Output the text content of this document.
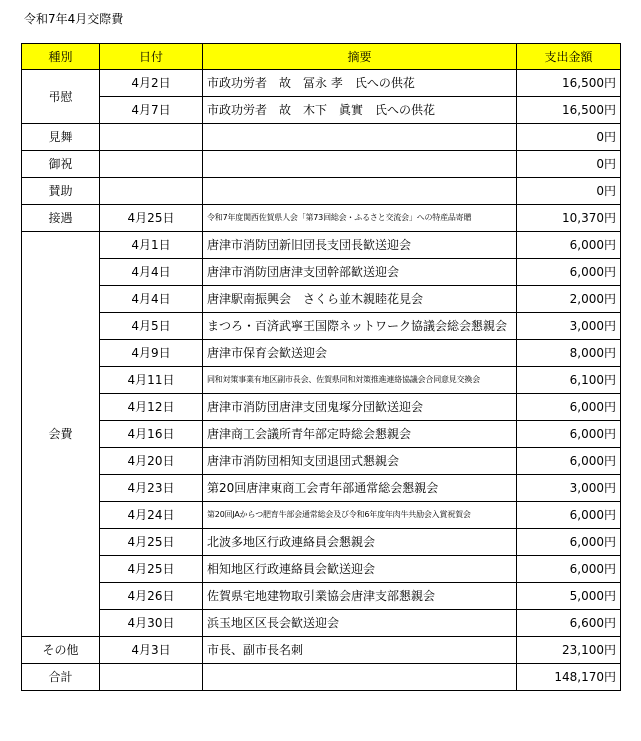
令和7年4月交際費
種別	日付	摘要	支出金額
弔慰	4月2日	市政功労者　故　冨永 孝　氏への供花	16,500円
	4月7日	市政功労者　故　木下　眞實　氏への供花	16,500円
見舞			0円
御祝			0円
賛助			0円
接遇	4月25日	令和7年度関西佐賀県人会「第73回総会・ふるさと交流会」への特産品寄贈	10,370円
会費	4月1日	唐津市消防団新旧団長支団長歓送迎会	6,000円
	4月4日	唐津市消防団唐津支団幹部歓送迎会	6,000円
	4月4日	唐津駅南振興会　さくら並木親睦花見会	2,000円
	4月5日	まつろ・百済武寧王国際ネットワーク協議会総会懇親会	3,000円
	4月9日	唐津市保育会歓送迎会	8,000円
	4月11日	同和対策事業有地区副市長会、佐賀県同和対策推進連絡協議会合同意見交換会	6,100円
	4月12日	唐津市消防団唐津支団鬼塚分団歓送迎会	6,000円
	4月16日	唐津商工会議所青年部定時総会懇親会	6,000円
	4月20日	唐津市消防団相知支団退団式懇親会	6,000円
	4月23日	第20回唐津東商工会青年部通常総会懇親会	3,000円
	4月24日	第20回JAからつ肥育牛部会通常総会及び令和6年度年肉牛共励会入賞祝賀会	6,000円
	4月25日	北波多地区行政連絡員会懇親会	6,000円
	4月25日	相知地区行政連絡員会歓送迎会	6,000円
	4月26日	佐賀県宅地建物取引業協会唐津支部懇親会	5,000円
	4月30日	浜玉地区区長会歓送迎会	6,600円
その他	4月3日	市長、副市長名刺	23,100円
合計			148,170円
